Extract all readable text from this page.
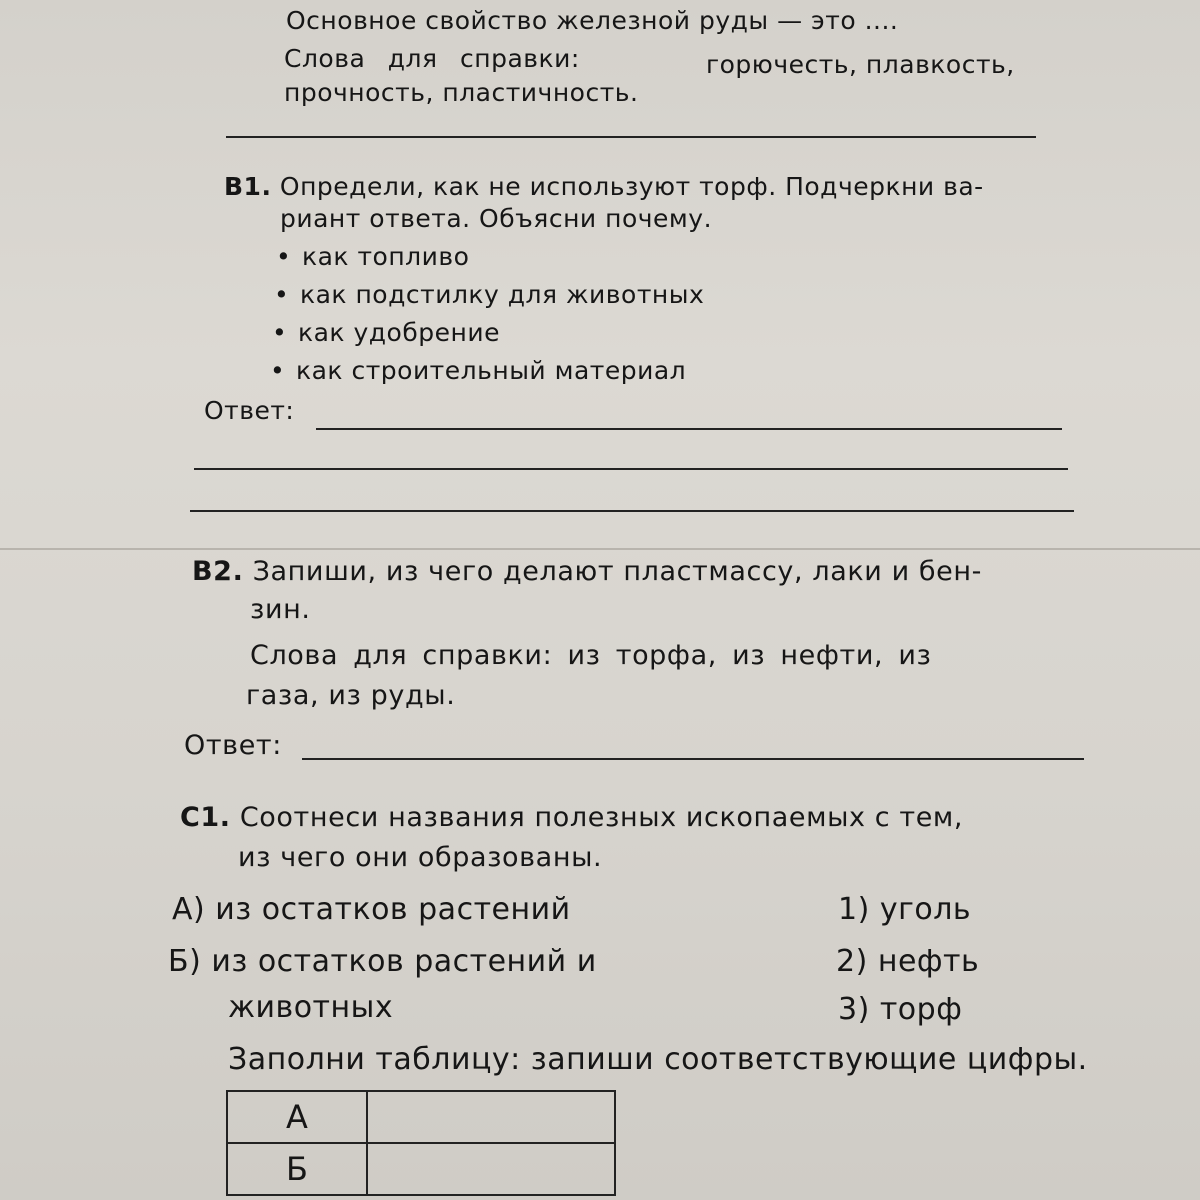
Основное свойство железной руды — это ....
Слова для справки:	горючесть, плавкость,
прочность, пластичность.
В1. Определи, как не используют торф. Подчеркни ва-
риант ответа. Объясни почему.
• как топливо
• как подстилку для животных
• как удобрение
• как строительный материал
Ответ:
В2. Запиши, из чего делают пластмассу, лаки и бен-
зин.
Слова для справки: из торфа, из нефти, из
газа, из руды.
Ответ:
С1. Соотнеси названия полезных ископаемых с тем,
из чего они образованы.
А) из остатков растений
Б) из остатков растений и
животных
1) уголь
2) нефть
3) торф
Заполни таблицу: запиши соответствующие цифры.
А	
Б	
